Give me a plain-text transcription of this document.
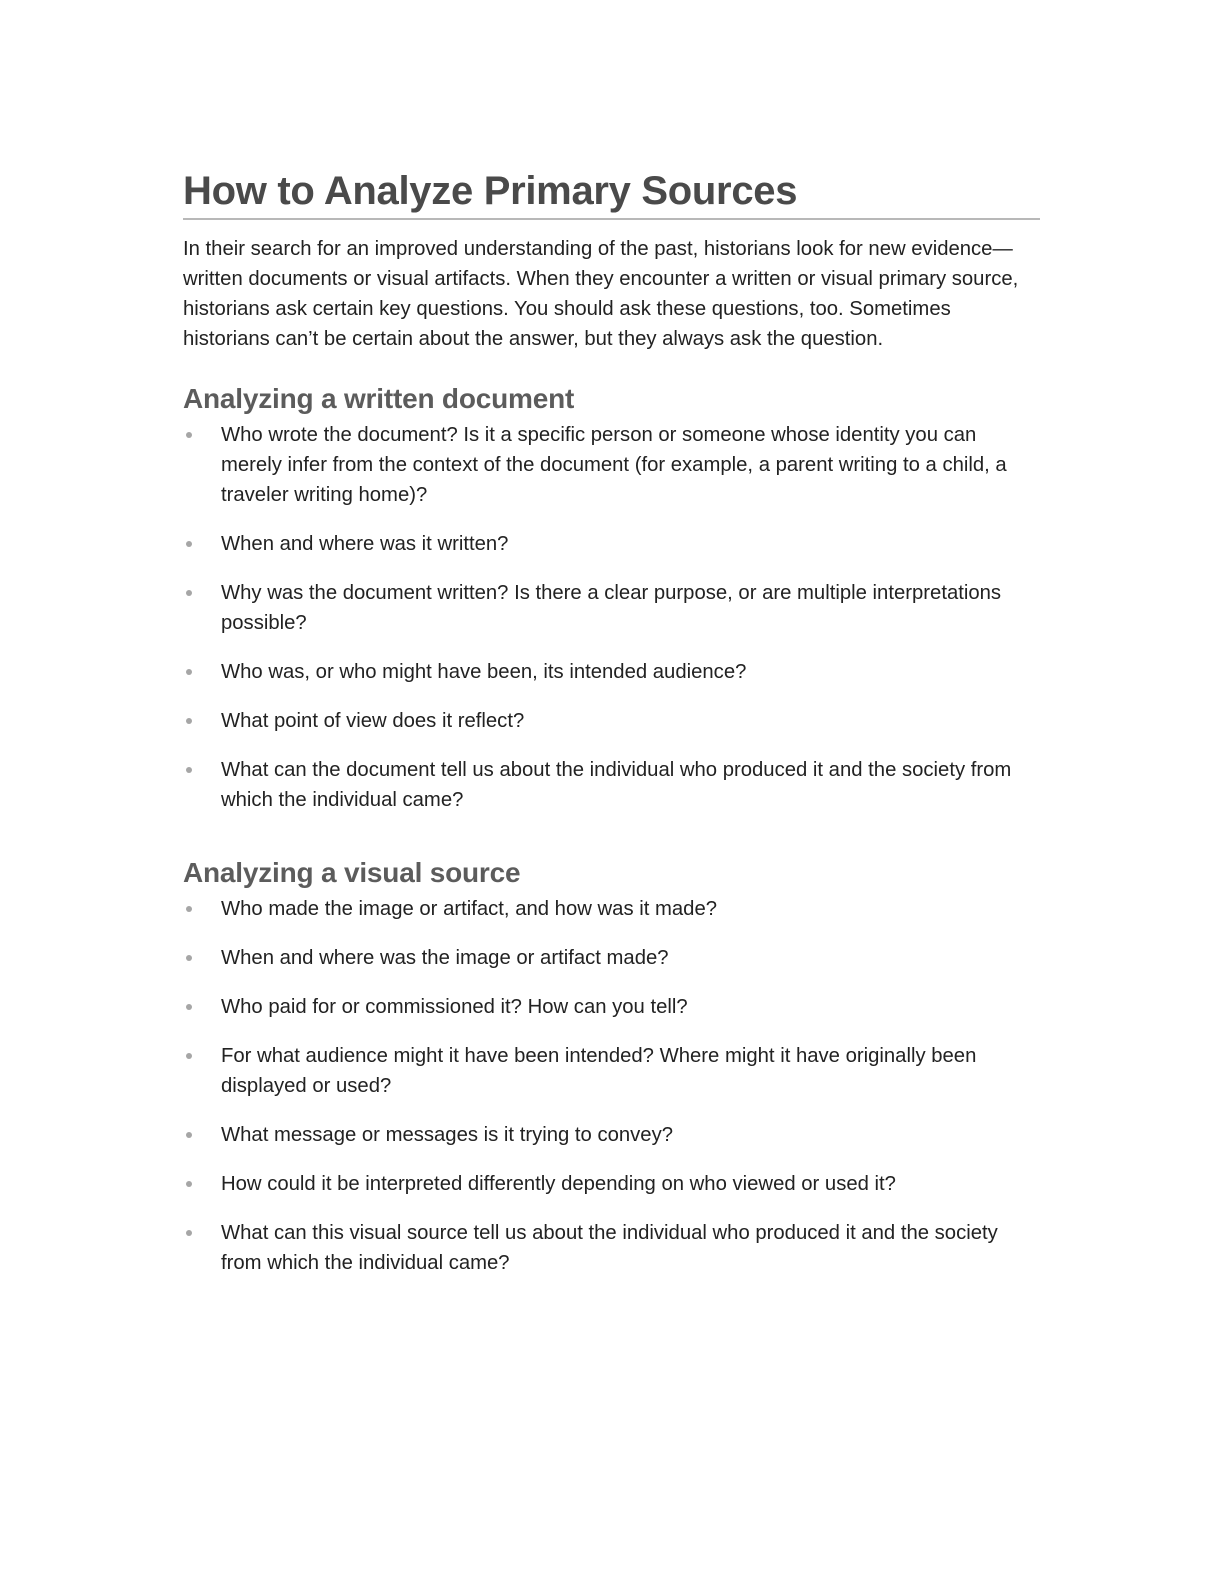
How to Analyze Primary Sources

In their search for an improved understanding of the past, historians look for new evidence—written documents or visual artifacts. When they encounter a written or visual primary source, historians ask certain key questions. You should ask these questions, too. Sometimes historians can’t be certain about the answer, but they always ask the question.

Analyzing a written document
Who wrote the document? Is it a specific person or someone whose identity you can merely infer from the context of the document (for example, a parent writing to a child, a traveler writing home)?
When and where was it written?
Why was the document written? Is there a clear purpose, or are multiple interpretations possible?
Who was, or who might have been, its intended audience?
What point of view does it reflect?
What can the document tell us about the individual who produced it and the society from which the individual came?
Analyzing a visual source
Who made the image or artifact, and how was it made?
When and where was the image or artifact made?
Who paid for or commissioned it? How can you tell?
For what audience might it have been intended? Where might it have originally been displayed or used?
What message or messages is it trying to convey?
How could it be interpreted differently depending on who viewed or used it?
What can this visual source tell us about the individual who produced it and the society from which the individual came?
